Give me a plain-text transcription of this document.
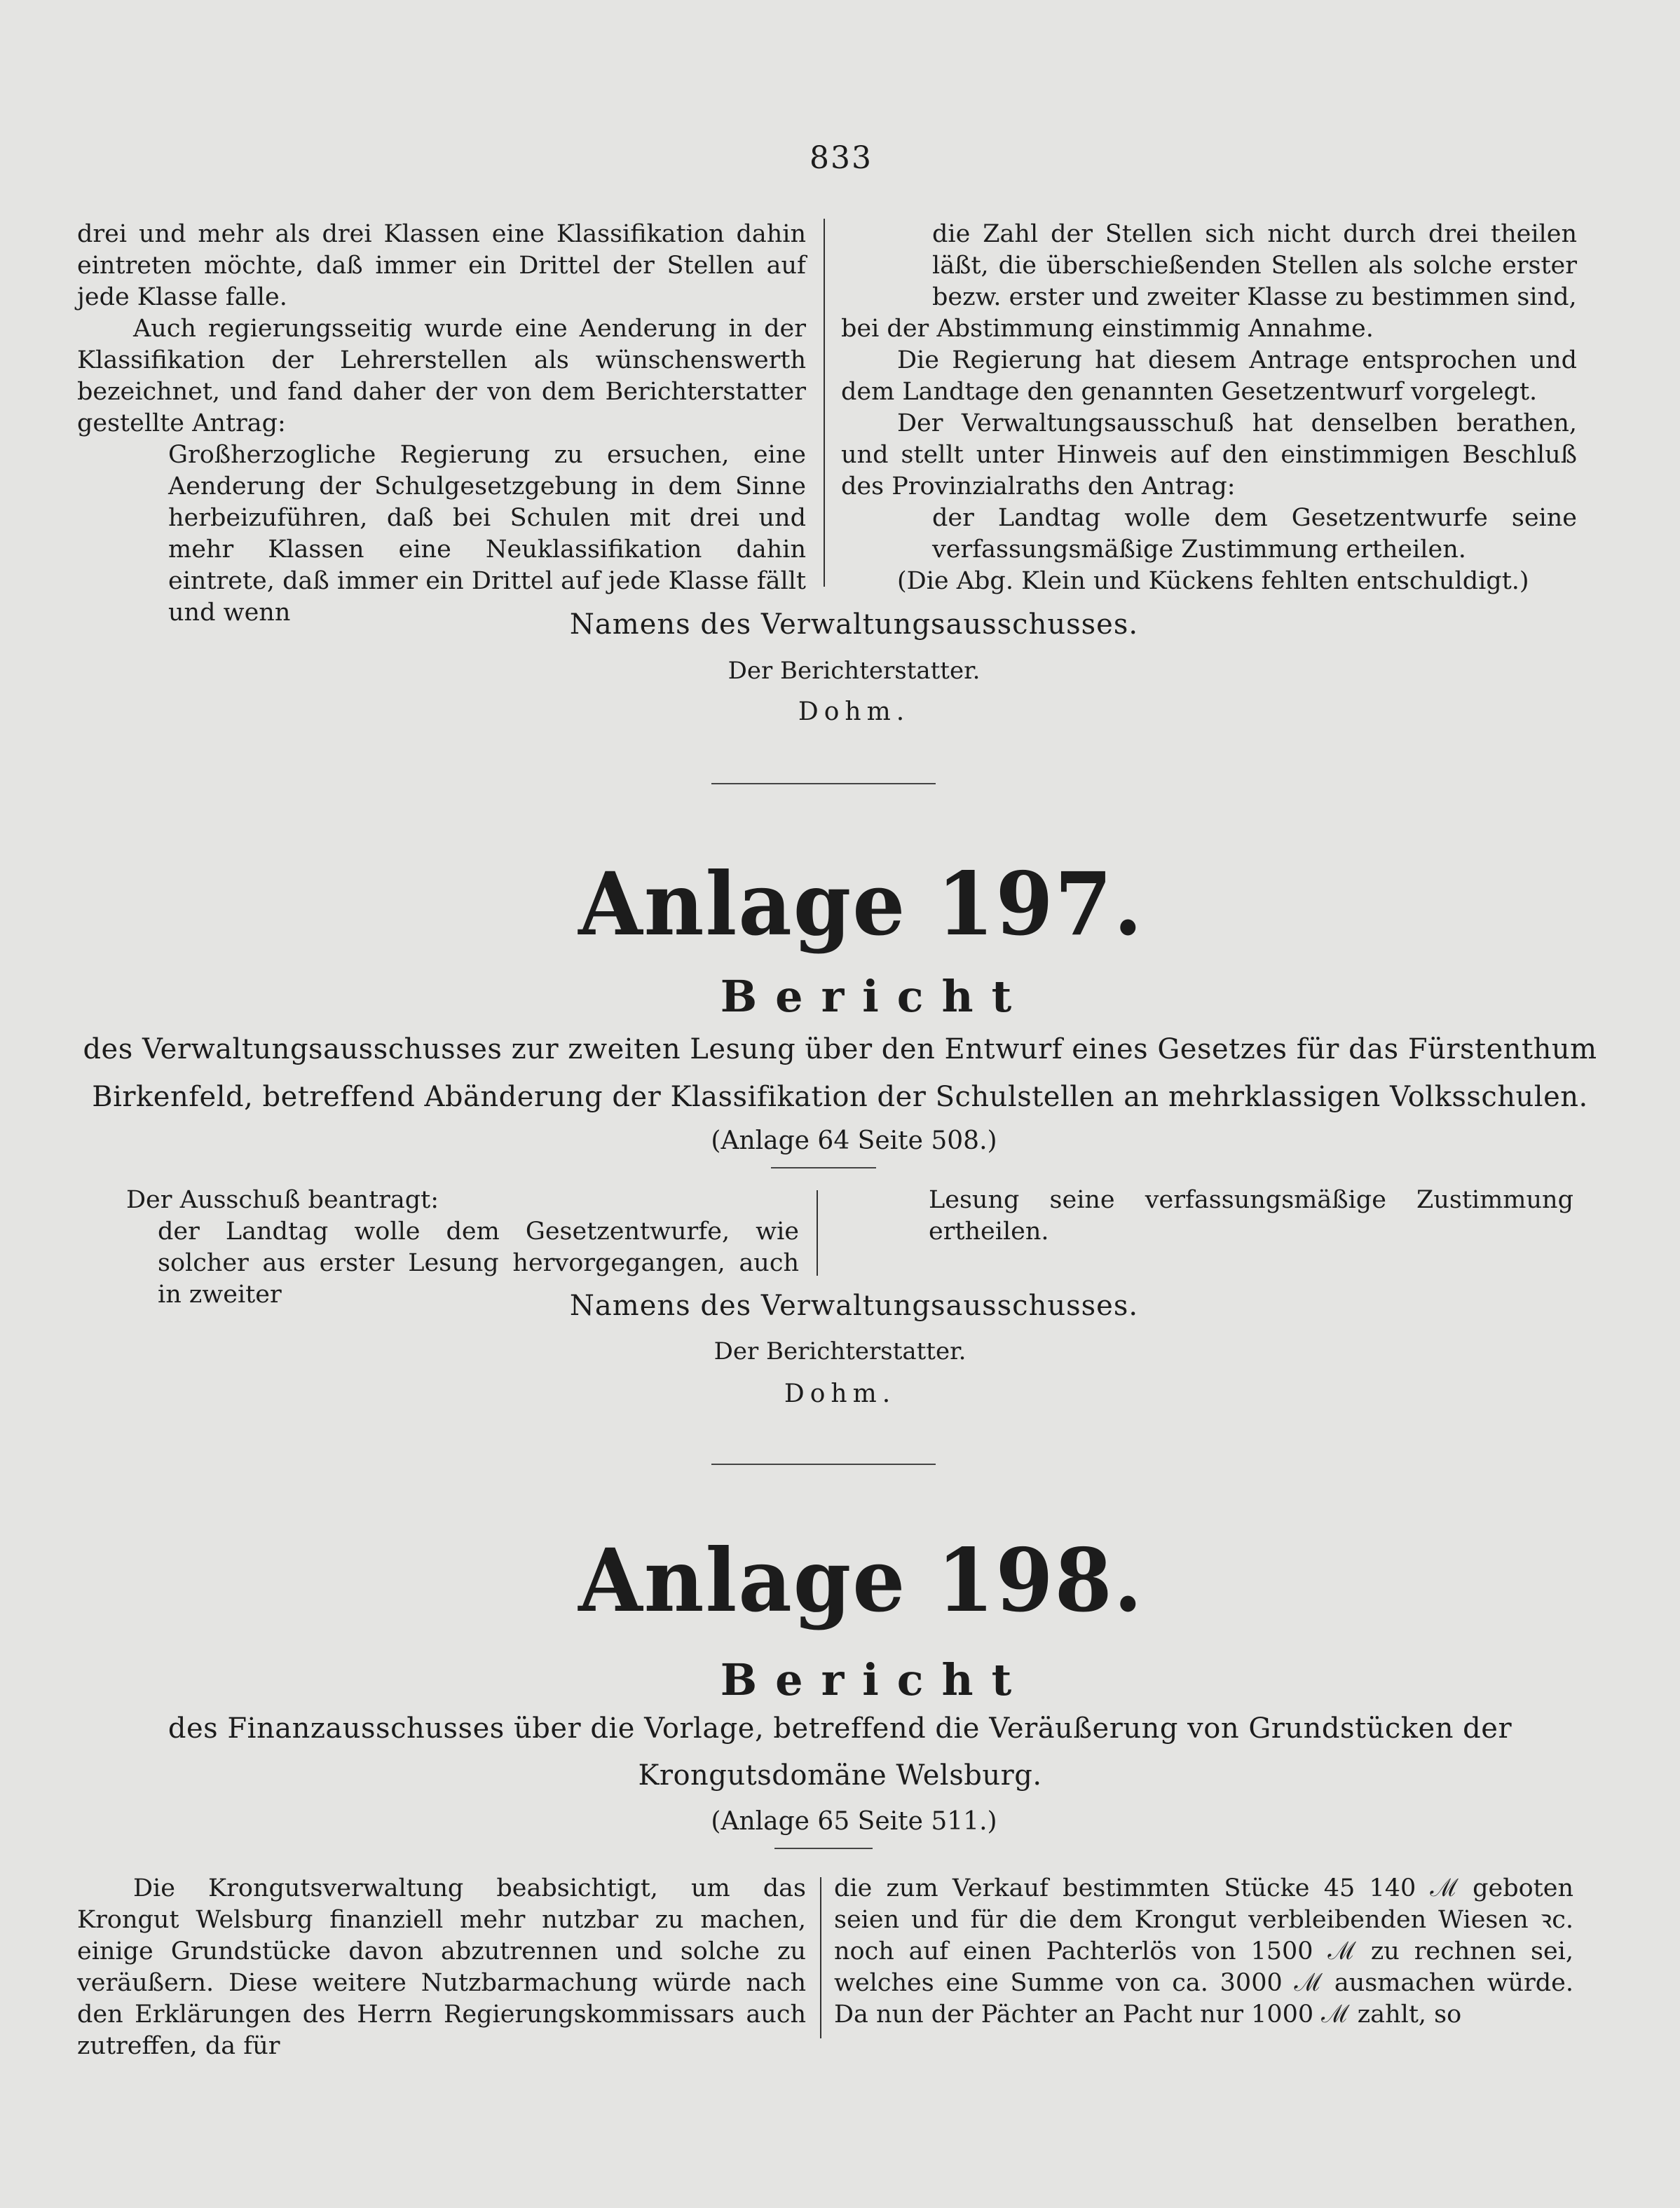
833

drei und mehr als drei Klassen eine Klassifikation dahin eintreten möchte, daß immer ein Drittel der Stellen auf jede Klasse falle.

Auch regierungsseitig wurde eine Aenderung in der Klassifikation der Lehrerstellen als wünschenswerth bezeichnet, und fand daher der von dem Berichterstatter gestellte Antrag:

Großherzogliche Regierung zu ersuchen, eine Aenderung der Schulgesetzgebung in dem Sinne herbeizuführen, daß bei Schulen mit drei und mehr Klassen eine Neuklassifikation dahin eintrete, daß immer ein Drittel auf jede Klasse fällt und wenn

die Zahl der Stellen sich nicht durch drei theilen läßt, die überschießenden Stellen als solche erster bezw. erster und zweiter Klasse zu bestimmen sind,

bei der Abstimmung einstimmig Annahme.

Die Regierung hat diesem Antrage entsprochen und dem Landtage den genannten Gesetzentwurf vorgelegt.

Der Verwaltungsausschuß hat denselben berathen, und stellt unter Hinweis auf den einstimmigen Beschluß des Provinzialraths den Antrag:

der Landtag wolle dem Gesetzentwurfe seine verfassungsmäßige Zustimmung ertheilen.

(Die Abg. Klein und Kückens fehlten entschuldigt.)

Namens des Verwaltungsausschusses.
Der Berichterstatter.
Dohm.
Anlage 197.
Bericht
des Verwaltungsausschusses zur zweiten Lesung über den Entwurf eines Gesetzes für das Fürstenthum
Birkenfeld, betreffend Abänderung der Klassifikation der Schulstellen an mehrklassigen Volksschulen.
(Anlage 64 Seite 508.)

Der Ausschuß beantragt:

der Landtag wolle dem Gesetzentwurfe, wie solcher aus erster Lesung hervorgegangen, auch in zweiter

Lesung seine verfassungsmäßige Zustimmung ertheilen.

Namens des Verwaltungsausschusses.
Der Berichterstatter.
Dohm.
Anlage 198.
Bericht
des Finanzausschusses über die Vorlage, betreffend die Veräußerung von Grundstücken der
Krongutsdomäne Welsburg.
(Anlage 65 Seite 511.)

Die Krongutsverwaltung beabsichtigt, um das Krongut Welsburg finanziell mehr nutzbar zu machen, einige Grundstücke davon abzutrennen und solche zu veräußern. Diese weitere Nutzbarmachung würde nach den Erklärungen des Herrn Regierungskommissars auch zutreffen, da für

die zum Verkauf bestimmten Stücke 45 140 ℳ geboten seien und für die dem Krongut verbleibenden Wiesen ꝛc. noch auf einen Pachterlös von 1500 ℳ zu rechnen sei, welches eine Summe von ca. 3000 ℳ ausmachen würde. Da nun der Pächter an Pacht nur 1000 ℳ zahlt, so
